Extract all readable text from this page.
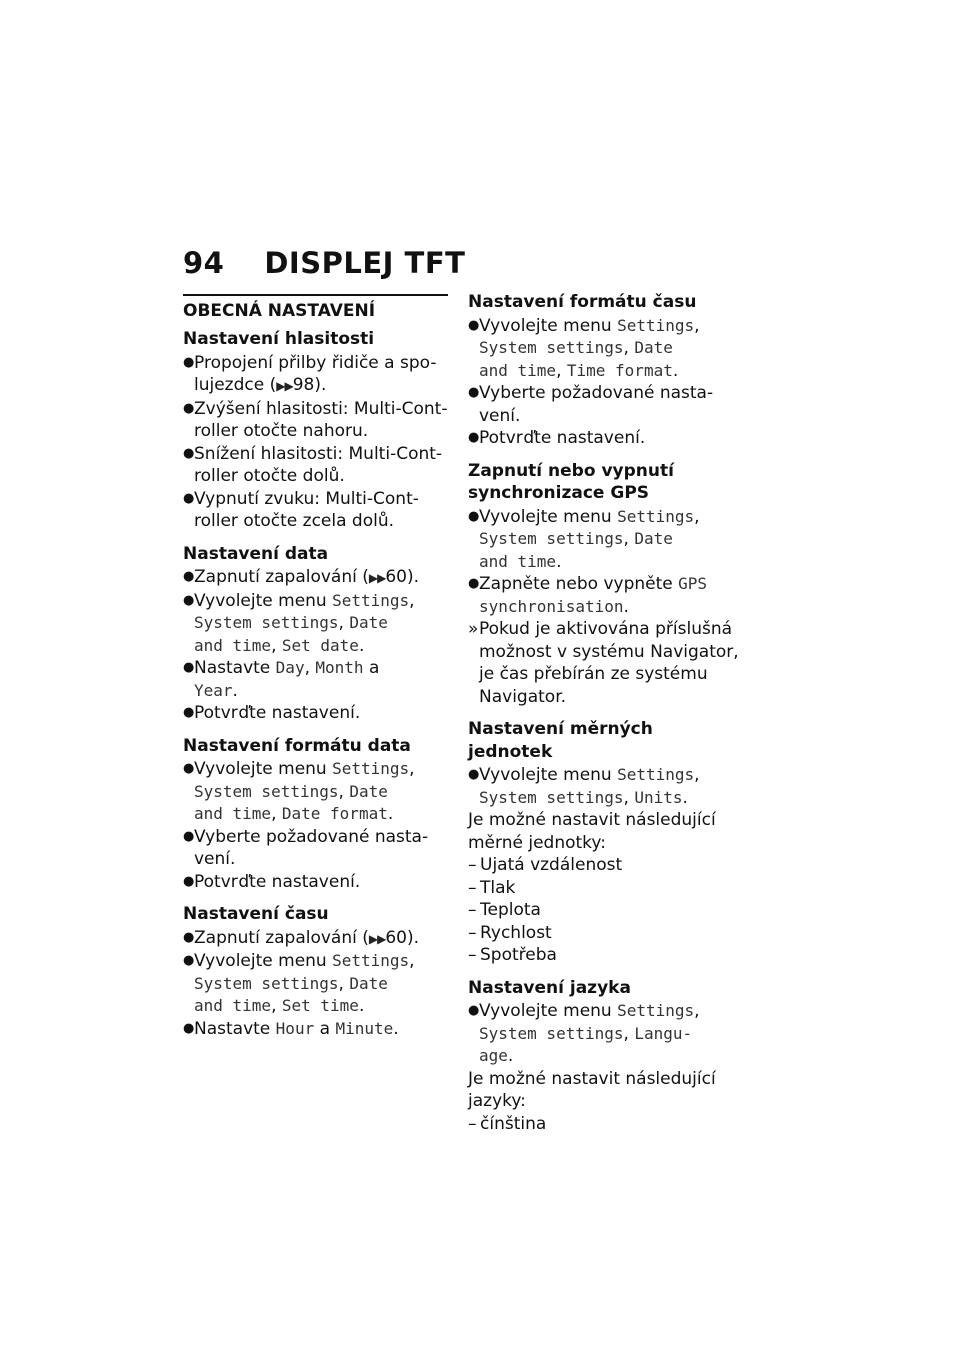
94 DISPLEJ TFT
OBECNÁ NASTAVENÍ
Nastavení hlasitosti
● Propojení přilby řidiče a spo-
lujezdce (▶▶98).
● Zvýšení hlasitosti: Multi-Cont-
roller otočte nahoru.
● Snížení hlasitosti: Multi-Cont-
roller otočte dolů.
● Vypnutí zvuku: Multi-Cont-
roller otočte zcela dolů.
Nastavení data
● Zapnutí zapalování (▶▶60).
● Vyvolejte menu Settings,
System settings, Date
and time, Set date.
● Nastavte Day, Month a
Year.
● Potvrďte nastavení.
Nastavení formátu data
● Vyvolejte menu Settings,
System settings, Date
and time, Date format.
● Vyberte požadované nasta-
vení.
● Potvrďte nastavení.
Nastavení času
● Zapnutí zapalování (▶▶60).
● Vyvolejte menu Settings,
System settings, Date
and time, Set time.
● Nastavte Hour a Minute.
Nastavení formátu času
● Vyvolejte menu Settings,
System settings, Date
and time, Time format.
● Vyberte požadované nasta-
vení.
● Potvrďte nastavení.
Zapnutí nebo vypnutí
synchronizace GPS
● Vyvolejte menu Settings,
System settings, Date
and time.
● Zapněte nebo vypněte GPS
synchronisation.
» Pokud je aktivována příslušná
možnost v systému Navigator,
je čas přebírán ze systému
Navigator.
Nastavení měrných jednotek
● Vyvolejte menu Settings,
System settings, Units.
Je možné nastavit následující
měrné jednotky:
– Ujatá vzdálenost
– Tlak
– Teplota
– Rychlost
– Spotřeba
Nastavení jazyka
● Vyvolejte menu Settings,
System settings, Langu-
age.
Je možné nastavit následující
jazyky:
– čínština
